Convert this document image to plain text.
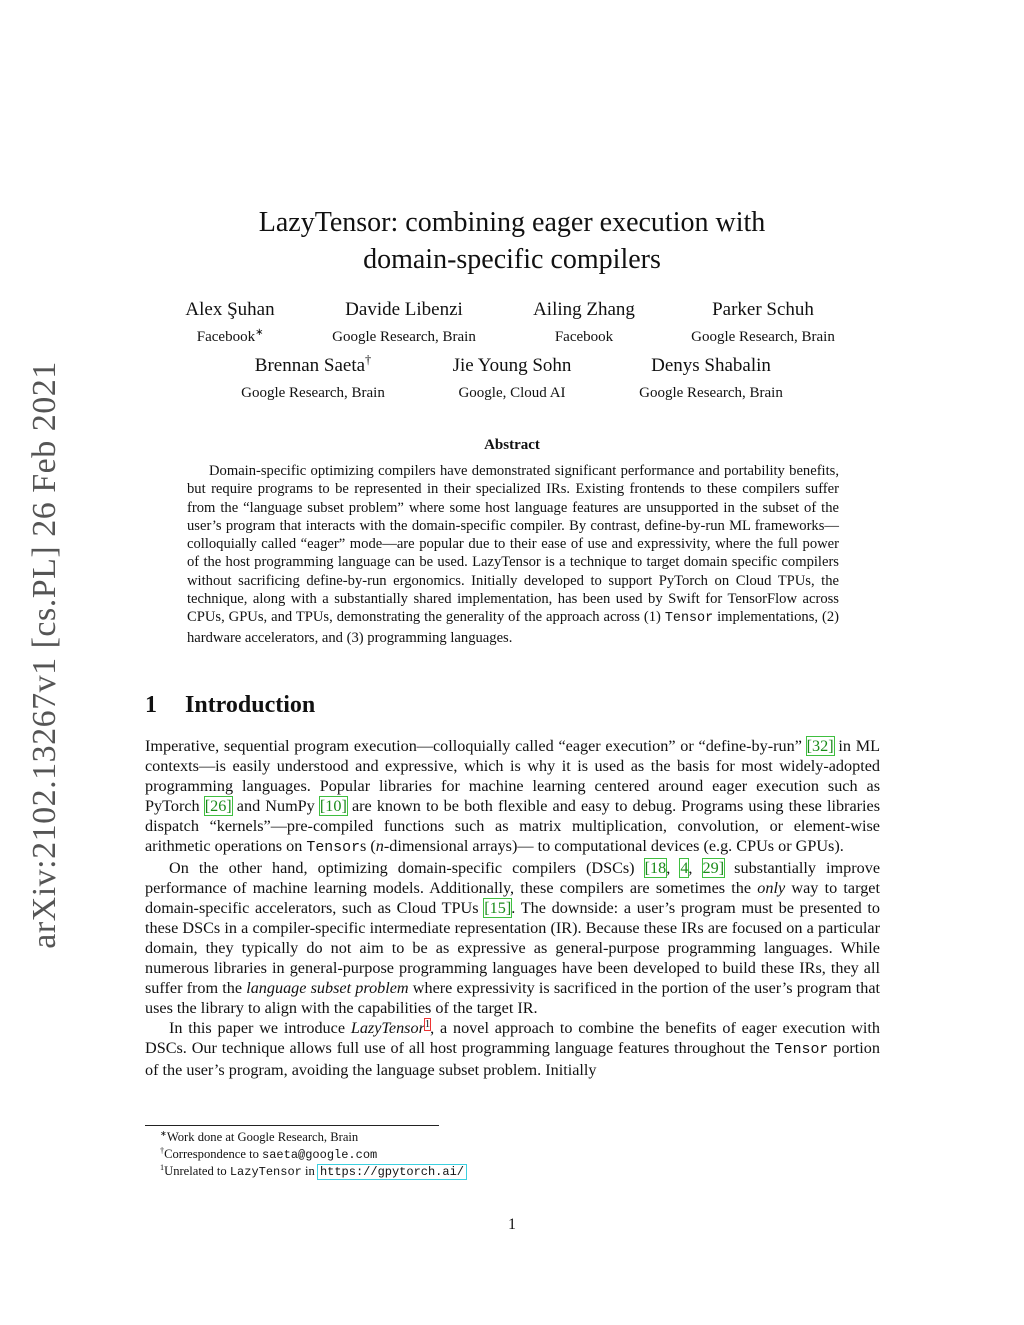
arXiv:2102.13267v1 [cs.PL] 26 Feb 2021
LazyTensor: combining eager execution with
domain-specific compilers
Alex Şuhan
Facebook∗
Davide Libenzi
Google Research, Brain
Ailing Zhang
Facebook
Parker Schuh
Google Research, Brain
Brennan Saeta†
Google Research, Brain
Jie Young Sohn
Google, Cloud AI
Denys Shabalin
Google Research, Brain
Abstract
Domain-specific optimizing compilers have demonstrated significant performance and portability benefits, but require programs to be represented in their specialized IRs. Existing frontends to these compilers suffer from the “language subset problem” where some host language features are unsupported in the subset of the user’s program that interacts with the domain-specific compiler. By contrast, define-by-run ML frameworks—colloquially called “eager” mode—are popular due to their ease of use and expressivity, where the full power of the host programming language can be used. LazyTensor is a technique to target domain specific compilers without sacrificing define-by-run ergonomics. Initially developed to support PyTorch on Cloud TPUs, the technique, along with a substantially shared implementation, has been used by Swift for TensorFlow across CPUs, GPUs, and TPUs, demonstrating the generality of the approach across (1) Tensor implementations, (2) hardware accelerators, and (3) programming languages.
1 Introduction

Imperative, sequential program execution—colloquially called “eager execution” or “define-by-run” [32] in ML contexts—is easily understood and expressive, which is why it is used as the basis for most widely-adopted programming languages. Popular libraries for machine learning centered around eager execution such as PyTorch [26] and NumPy [10] are known to be both flexible and easy to debug. Programs using these libraries dispatch “kernels”—pre-compiled functions such as matrix multiplication, convolution, or element-wise arithmetic operations on Tensors (n-dimensional arrays)— to computational devices (e.g. CPUs or GPUs).

On the other hand, optimizing domain-specific compilers (DSCs) [18, 4, 29] substantially improve performance of machine learning models. Additionally, these compilers are sometimes the only way to target domain-specific accelerators, such as Cloud TPUs [15]. The downside: a user’s program must be presented to these DSCs in a compiler-specific intermediate representation (IR). Because these IRs are focused on a particular domain, they typically do not aim to be as expressive as general-purpose programming languages. While numerous libraries in general-purpose programming languages have been developed to build these IRs, they all suffer from the language subset problem where expressivity is sacrificed in the portion of the user’s program that uses the library to align with the capabilities of the target IR.

In this paper we introduce LazyTensor$^1$, a novel approach to combine the benefits of eager execution with DSCs. Our technique allows full use of all host programming language features throughout the Tensor portion of the user’s program, avoiding the language subset problem. Initially

∗Work done at Google Research, Brain
†Correspondence to saeta@google.com
$^1$Unrelated to LazyTensor in https://gpytorch.ai/
1
